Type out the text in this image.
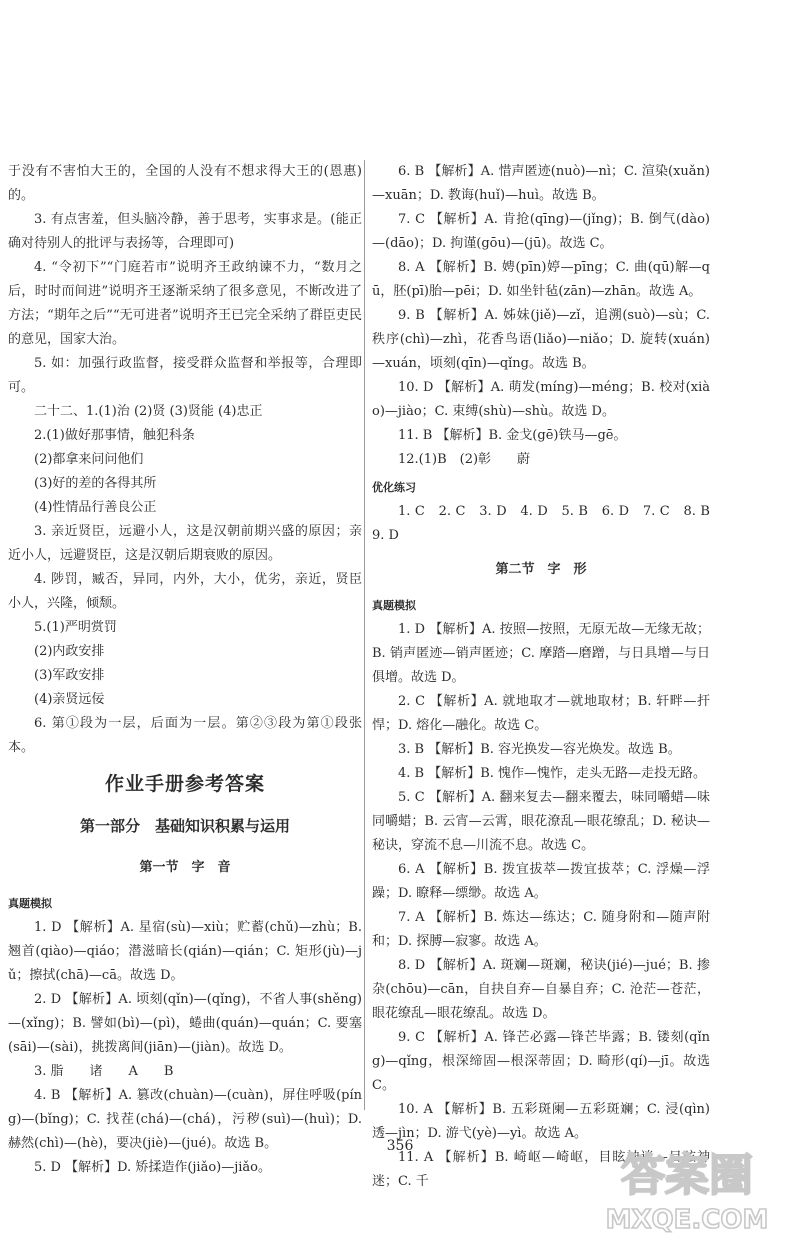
于没有不害怕大王的，全国的人没有不想求得大王的(恩惠)的。

3. 有点害羞，但头脑冷静，善于思考，实事求是。(能正确对待别人的批评与表扬等，合理即可)

4. “令初下”“门庭若市”说明齐王政纳谏不力，“数月之后，时时而间进”说明齐王逐渐采纳了很多意见，不断改进了方法；“期年之后”“无可进者”说明齐王已完全采纳了群臣吏民的意见，国家大治。

5. 如：加强行政监督，接受群众监督和举报等，合理即可。

二十二、1.(1)治 (2)贤 (3)贤能 (4)忠正

2.(1)做好那事情，触犯科条

(2)都拿来问问他们

(3)好的差的各得其所

(4)性情品行善良公正

3. 亲近贤臣，远避小人，这是汉朝前期兴盛的原因；亲近小人，远避贤臣，这是汉朝后期衰败的原因。

4. 陟罚，臧否，异同，内外，大小，优劣，亲近，贤臣小人，兴隆，倾颓。

5.(1)严明赏罚

(2)内政安排

(3)军政安排

(4)亲贤远佞

6. 第①段为一层，后面为一层。第②③段为第①段张本。

作业手册参考答案
第一部分　基础知识积累与运用
第一节　字　音
真题模拟

1. D 【解析】A. 星宿(sù)—xiù；贮蓄(chǔ)—zhù；B. 翘首(qiào)—qiáo；潜滋暗长(qián)—qián；C. 矩形(jù)—jǔ；擦拭(chā)—cā。故选 D。

2. D 【解析】A. 顷刻(qǐn)—(qǐng)，不省人事(shěng)—(xǐng)；B. 譬如(bì)—(pì)，蜷曲(quán)—quán；C. 要塞(sāi)—(sài)，挑拨离间(jiān)—(jiàn)。故选 D。

3. 脂　　诸　　A　　B

4. B 【解析】A. 篡改(chuàn)—(cuàn)，屏住呼吸(píng)—(bǐng)；C. 找茬(chá)—(chá)，污秽(suì)—(huì)；D. 赫然(chì)—(hè)，要决(jiè)—(jué)。故选 B。

5. D 【解析】D. 矫揉造作(jiǎo)—jiǎo。

6. B 【解析】A. 惜声匿迹(nuò)—nì；C. 渲染(xuǎn)—xuān；D. 教诲(huǐ)—huì。故选 B。

7. C 【解析】A. 肯抢(qīng)—(jǐng)；B. 倒气(dào)—(dāo)；D. 拘谨(gōu)—(jū)。故选 C。

8. A 【解析】B. 娉(pīn)婷—pīng；C. 曲(qū)解—qū，胚(pī)胎—pēi；D. 如坐针毡(zān)—zhān。故选 A。

9. B 【解析】A. 姊妹(jiě)—zǐ，追溯(suò)—sù；C. 秩序(chì)—zhì，花香鸟语(liǎo)—niǎo；D. 旋转(xuán)—xuán，顷刻(qīn)—qǐng。故选 B。

10. D 【解析】A. 萌发(míng)—méng；B. 校对(xiào)—jiào；C. 束缚(shù)—shù。故选 D。

11. B 【解析】B. 金戈(gē)铁马—gē。

12.(1)B　(2)彰　　蔚

优化练习

1. C　2. C　3. D　4. D　5. B　6. D　7. C　8. B　9. D

第二节　字　形
真题模拟

1. D 【解析】A. 按照—按照，无原无故—无缘无故；B. 销声匿迹—销声匿迹；C. 摩踏—磨蹭，与日具增—与日俱增。故选 D。

2. C 【解析】A. 就地取才—就地取材；B. 轩畔—扞悍；D. 熔化—融化。故选 C。

3. B 【解析】B. 容光换发—容光焕发。故选 B。

4. B 【解析】B. 愧作—愧怍，走头无路—走投无路。

5. C 【解析】A. 翻来复去—翻来覆去，味同嚼蜡—味同嚼蜡；B. 云宵—云霄，眼花潦乱—眼花缭乱；D. 秘诀—秘诀，穿流不息—川流不息。故选 C。

6. A 【解析】B. 拨宜拔萃—拨宜拔萃；C. 浮燥—浮躁；D. 瞭释—缥缈。故选 A。

7. A 【解析】B. 炼达—练达；C. 随身附和—随声附和；D. 探膊—寂寥。故选 A。

8. D 【解析】A. 斑斓—斑斓，秘诀(jié)—jué；B. 掺杂(chōu)—cān，自抉自弃—自暴自弃；C. 沧茫—苍茫，眼花缭乱—眼花缭乱。故选 D。

9. C 【解析】A. 锋芒必露—锋芒毕露；B. 镂刻(qǐng)—qǐng，根深缔固—根深蒂固；D. 畸形(qí)—jī。故选 C。

10. A 【解析】B. 五彩斑阑—五彩斑斓；C. 浸(qìn)透—jìn；D. 游弋(yè)—yì。故选 A。

11. A 【解析】B. 崎岖—崎岖，目眩神迷—目眩神迷；C. 千

356
答案圈
MXQE.COM
